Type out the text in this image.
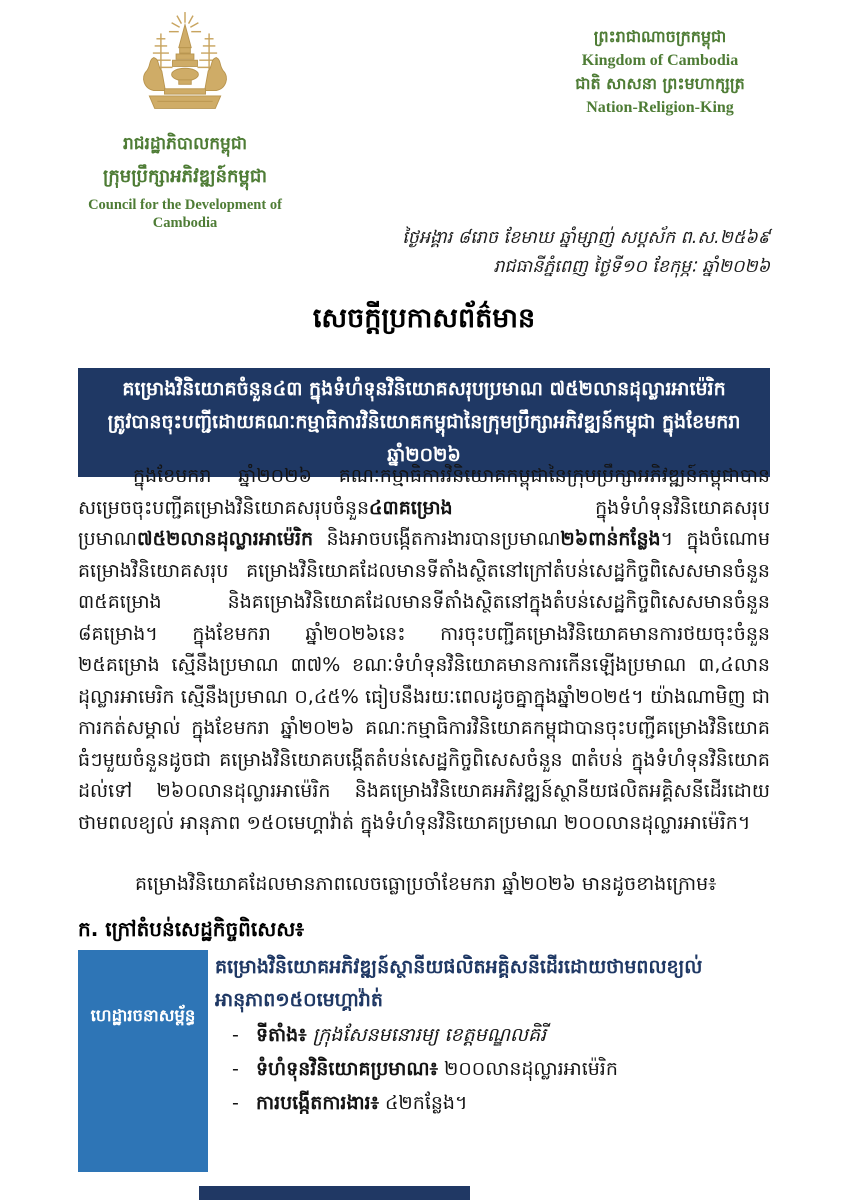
រាជរដ្ឋាភិបាលកម្ពុជា
ក្រុមប្រឹក្សាអភិវឌ្ឍន៍កម្ពុជា
Council for the Development of Cambodia
ព្រះរាជាណាចក្រកម្ពុជា
Kingdom of Cambodia
ជាតិ សាសនា ព្រះមហាក្សត្រ
Nation-Religion-King
ថ្ងៃអង្គារ ៨រោច ខែមាឃ ឆ្នាំម្សាញ់ សប្តស័ក ព.ស.២៥៦៩
រាជធានីភ្នំពេញ ថ្ងៃទី១០ ខែកុម្ភៈ ឆ្នាំ២០២៦
សេចក្តីប្រកាសព័ត៌មាន
គម្រោងវិនិយោគចំនួន៤៣ ក្នុងទំហំទុនវិនិយោគសរុបប្រមាណ ៧៥២លានដុល្លារអាម៉េរិក
ត្រូវបានចុះបញ្ជីដោយគណៈកម្មាធិការវិនិយោគកម្ពុជានៃក្រុមប្រឹក្សាអភិវឌ្ឍន៍កម្ពុជា ក្នុងខែមករា ឆ្នាំ២០២៦
ក្នុងខែមករា ឆ្នាំ២០២៦ គណៈកម្មាធិការវិនិយោគកម្ពុជានៃក្រុមប្រឹក្សាអភិវឌ្ឍន៍កម្ពុជាបានសម្រេចចុះបញ្ជីគម្រោងវិនិយោគសរុបចំនួន៤៣គម្រោង ក្នុងទំហំទុនវិនិយោគសរុបប្រមាណ៧៥២លានដុល្លារអាម៉េរិក និងអាចបង្កើតការងារបានប្រមាណ២៦ពាន់កន្លែង។ ក្នុងចំណោមគម្រោងវិនិយោគសរុប គម្រោងវិនិយោគដែលមានទីតាំងស្ថិតនៅក្រៅតំបន់សេដ្ឋកិច្ចពិសេសមានចំនួន ៣៥គម្រោង និងគម្រោងវិនិយោគដែលមានទីតាំងស្ថិតនៅក្នុងតំបន់សេដ្ឋកិច្ចពិសេសមានចំនួន ៨គម្រោង។ ក្នុងខែមករា ឆ្នាំ២០២៦នេះ ការចុះបញ្ជីគម្រោងវិនិយោគមានការថយចុះចំនួន ២៥គម្រោង ស្មើនឹងប្រមាណ ៣៧% ខណៈទំហំទុនវិនិយោគមានការកើនឡើងប្រមាណ ៣,៤លានដុល្លារអាមេរិក ស្មើនឹងប្រមាណ ០,៤៥% ធៀបនឹងរយៈពេលដូចគ្នាក្នុងឆ្នាំ២០២៥។ យ៉ាងណាមិញ ជាការកត់សម្គាល់ ក្នុងខែមករា ឆ្នាំ២០២៦ គណៈកម្មាធិការវិនិយោគកម្ពុជាបានចុះបញ្ជីគម្រោងវិនិយោគធំៗមួយចំនួនដូចជា គម្រោងវិនិយោគបង្កើតតំបន់សេដ្ឋកិច្ចពិសេសចំនួន ៣តំបន់ ក្នុងទំហំទុនវិនិយោគដល់ទៅ ២៦០លានដុល្លារអាម៉េរិក និងគម្រោងវិនិយោគអភិវឌ្ឍន៍ស្ថានីយផលិតអគ្គិសនីដើរដោយថាមពលខ្យល់ អានុភាព ១៥០មេហ្គាវ៉ាត់ ក្នុងទំហំទុនវិនិយោគប្រមាណ ២០០លានដុល្លារអាម៉េរិក។
គម្រោងវិនិយោគដែលមានភាពលេចធ្លោប្រចាំខែមករា ឆ្នាំ២០២៦ មានដូចខាងក្រោម៖
ក. ក្រៅតំបន់សេដ្ឋកិច្ចពិសេស៖
ហេដ្ឋារចនាសម្ព័ន្ធ
គម្រោងវិនិយោគអភិវឌ្ឍន៍ស្ថានីយផលិតអគ្គិសនីដើរដោយថាមពលខ្យល់ អានុភាព១៥០មេហ្គាវ៉ាត់
- ទីតាំង៖ ក្រុងសែនមនោរម្យ ខេត្តមណ្ឌលគិរី
- ទំហំទុនវិនិយោគប្រមាណ៖ ២០០លានដុល្លារអាម៉េរិក
- ការបង្កើតការងារ៖ ៤២កន្លែង។
